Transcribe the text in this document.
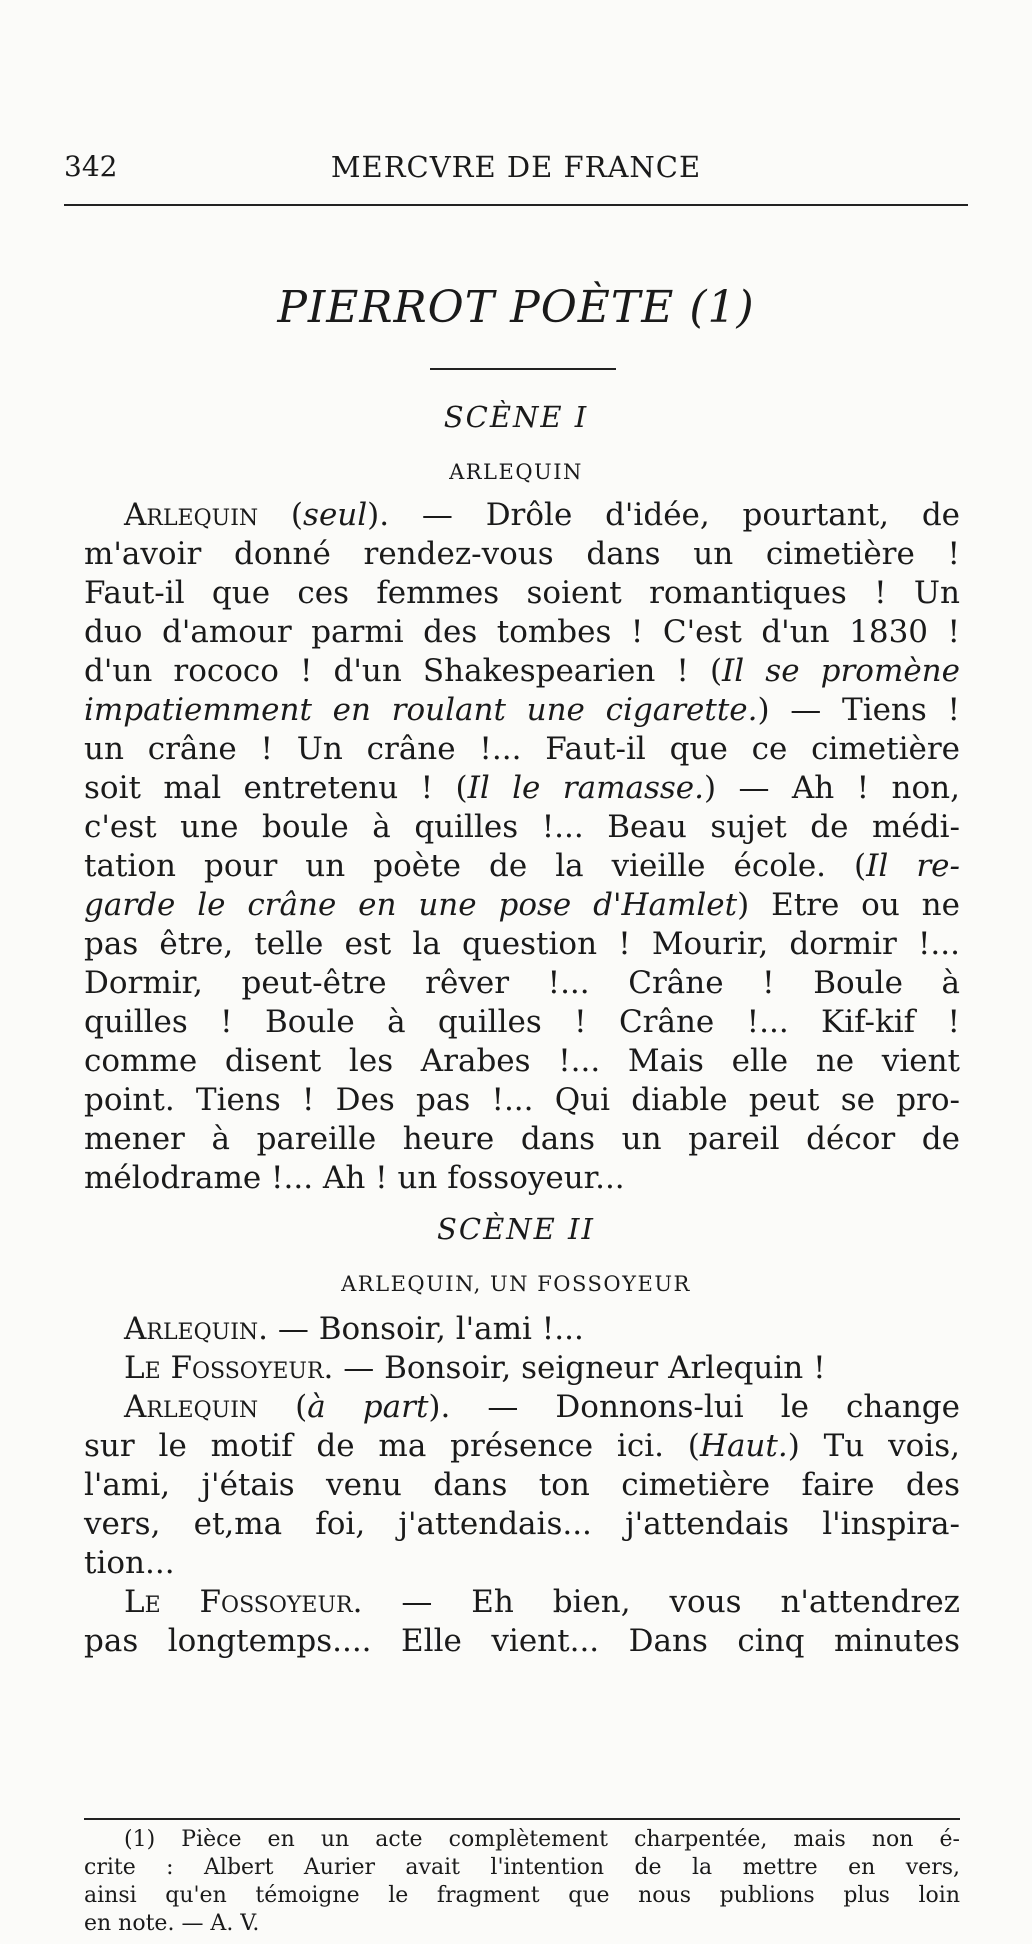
342	MERCVRE DE FRANCE
PIERROT POÈTE (1)
SCÈNE I
ARLEQUIN
Arlequin (seul). — Drôle d'idée, pourtant, de
m'avoir donné rendez-vous dans un cimetière !
Faut-il que ces femmes soient romantiques ! Un
duo d'amour parmi des tombes ! C'est d'un 1830 !
d'un rococo ! d'un Shakespearien ! (Il se promène
impatiemment en roulant une cigarette.) — Tiens !
un crâne ! Un crâne !... Faut-il que ce cimetière
soit mal entretenu ! (Il le ramasse.) — Ah ! non,
c'est une boule à quilles !... Beau sujet de médi-
tation pour un poète de la vieille école. (Il re-
garde le crâne en une pose d'Hamlet) Etre ou ne
pas être, telle est la question ! Mourir, dormir !...
Dormir, peut-être rêver !... Crâne ! Boule à
quilles ! Boule à quilles ! Crâne !... Kif-kif !
comme disent les Arabes !... Mais elle ne vient
point. Tiens ! Des pas !... Qui diable peut se pro-
mener à pareille heure dans un pareil décor de
mélodrame !... Ah ! un fossoyeur...
SCÈNE II
ARLEQUIN, UN FOSSOYEUR
Arlequin. — Bonsoir, l'ami !...
Le Fossoyeur. — Bonsoir, seigneur Arlequin !
Arlequin (à part). — Donnons-lui le change
sur le motif de ma présence ici. (Haut.) Tu vois,
l'ami, j'étais venu dans ton cimetière faire des
vers, et,ma foi, j'attendais... j'attendais l'inspira-
tion...
Le Fossoyeur. — Eh bien, vous n'attendrez
pas longtemps.... Elle vient... Dans cinq minutes
(1) Pièce en un acte complètement charpentée, mais non é-
crite : Albert Aurier avait l'intention de la mettre en vers,
ainsi qu'en témoigne le fragment que nous publions plus loin
en note. — A. V.
